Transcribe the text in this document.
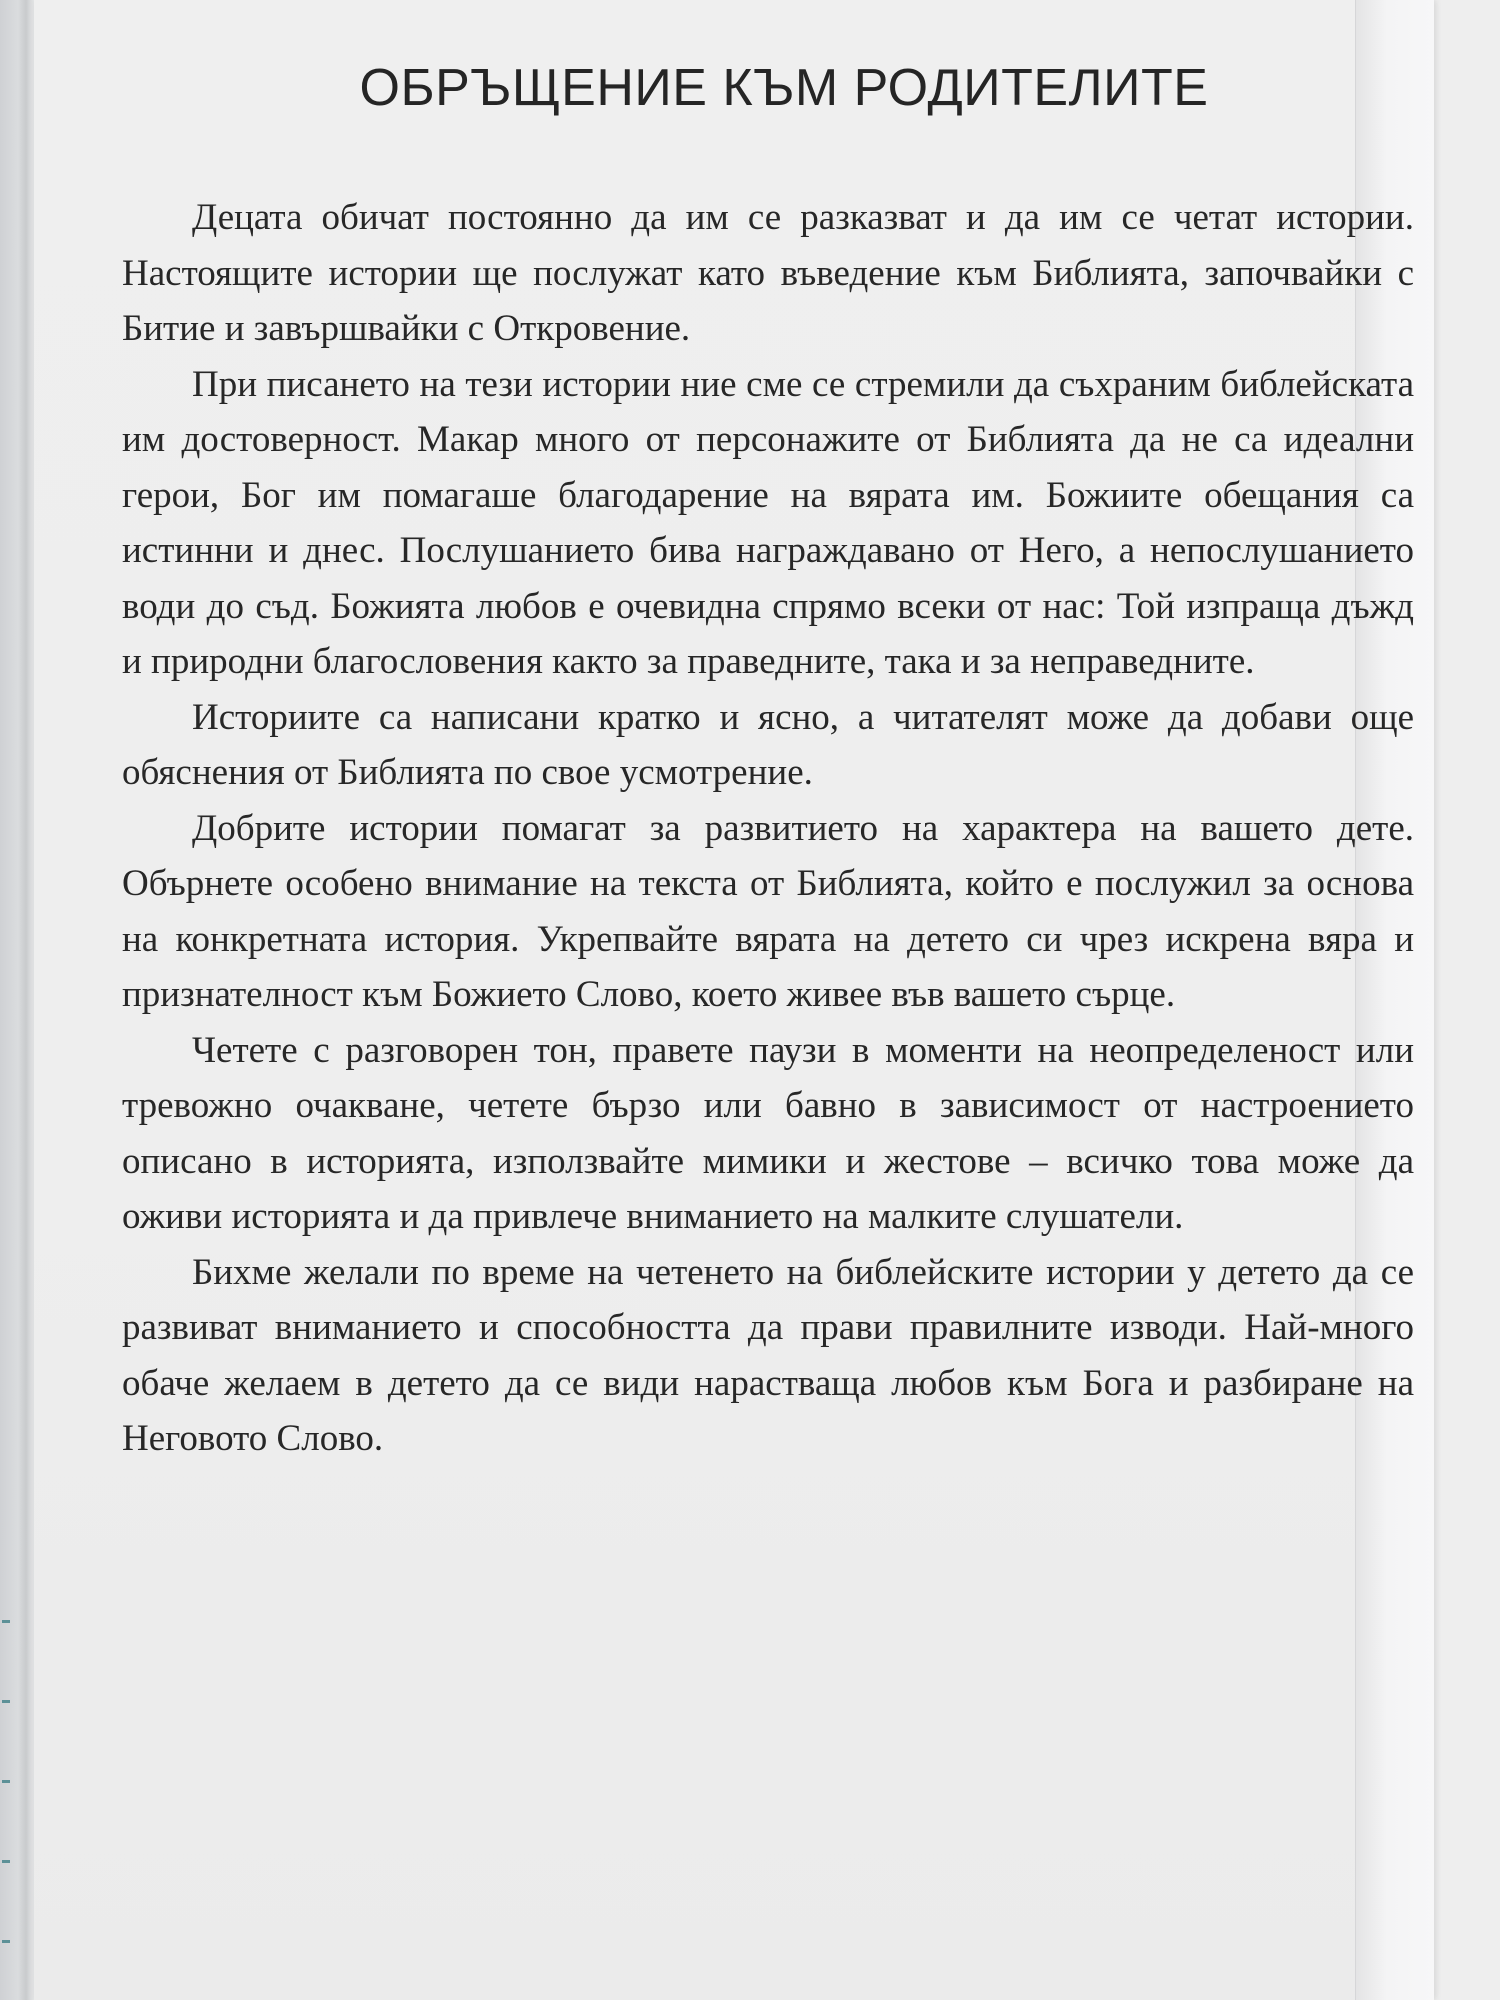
ОБРЪЩЕНИЕ КЪМ РОДИТЕЛИТЕ

Децата обичат постоянно да им се разказват и да им се четат истории. Настоящите истории ще послужат като въведение към Библията, започвайки с Битие и завършвайки с Откровение.

При писането на тези истории ние сме се стремили да съхраним библейската им достоверност. Макар много от персонажите от Библията да не са идеални герои, Бог им помагаше благодарение на вярата им. Божиите обещания са истинни и днес. Послушанието бива награждавано от Него, а непослушанието води до съд. Божията любов е очевидна спрямо всеки от нас: Той изпраща дъжд и природни благословения както за праведните, така и за неправедните.

Историите са написани кратко и ясно, а читателят може да добави още обяснения от Библията по свое усмотрение.

Добрите истории помагат за развитието на характера на вашето дете. Обърнете особено внимание на текста от Библията, който е послужил за основа на конкретната история. Укрепвайте вярата на детето си чрез искрена вяра и признателност към Божието Слово, което живее във вашето сърце.

Четете с разговорен тон, правете паузи в моменти на неопределеност или тревожно очакване, четете бързо или бавно в зависимост от настроението описано в историята, използвайте мимики и жестове – всичко това може да оживи историята и да привлече вниманието на малките слушатели.

Бихме желали по време на четенето на библейските истории у детето да се развиват вниманието и способността да прави правилните изводи. Най-много обаче желаем в детето да се види нарастваща любов към Бога и разбиране на Неговото Слово.
